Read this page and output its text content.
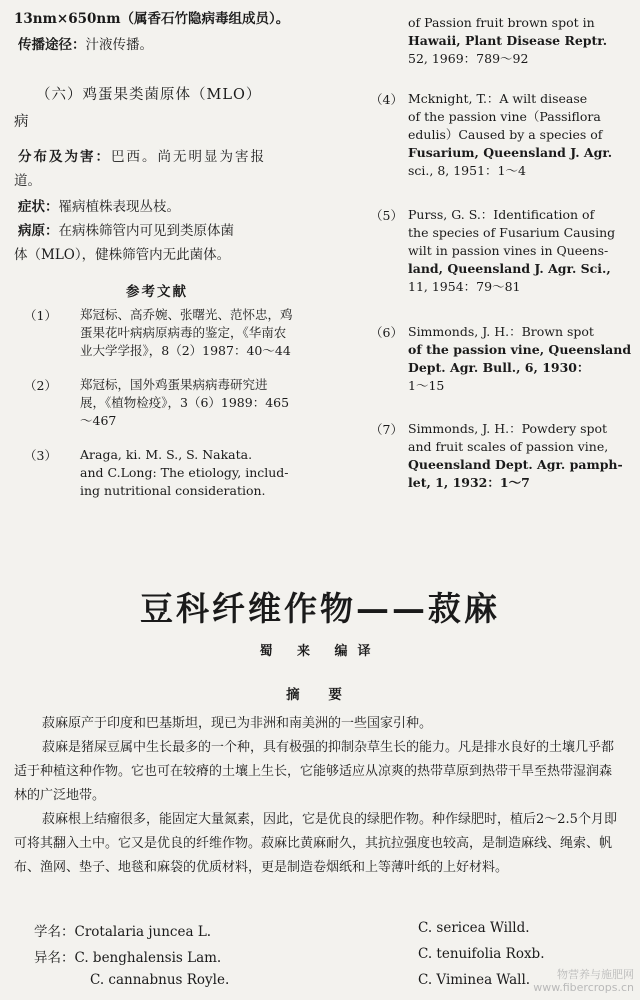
13nm×650nm（属香石竹隐病毒组成员）。
传播途径：汁液传播。
（六）鸡蛋果类菌原体（MLO）
病
分布及为害：巴西。尚无明显为害报
道。
症状：罹病植株表现丛枝。
病原：在病株筛管内可见到类原体菌
体（MLO），健株筛管内无此菌体。
参考文献
（1） 郑冠标、高乔婉、张曙光、范怀忠，鸡
蛋果花叶病病原病毒的鉴定，《华南农
业大学学报》，8（2）1987：40～44
（2） 郑冠标，国外鸡蛋果病病毒研究进
展，《植物检疫》，3（6）1989：465
～467
（3） Araga, ki. M. S., S. Nakata.
and C.Long: The etiology, includ-
ing nutritional consideration.
of Passion fruit brown spot in
Hawaii, Plant Disease Reptr.
52, 1969：789～92
（4） Mcknight, T.：A wilt disease
of the passion vine（Passiflora
edulis）Caused by a species of
Fusarium, Queensland J. Agr.
sci., 8, 1951：1～4
（5） Purss, G. S.：Identification of
the species of Fusarium Causing
wilt in passion vines in Queens-
land, Queensland J. Agr. Sci.,
11, 1954：79～81
（6） Simmonds, J. H.：Brown spot
of the passion vine, Queensland
Dept. Agr. Bull., 6, 1930：
1～15
（7） Simmonds, J. H.：Powdery spot
and fruit scales of passion vine,
Queensland Dept. Agr. pamph-
let, 1, 1932：1～7
豆科纤维作物——菽麻
蜀 来 编译
摘 要
菽麻原产于印度和巴基斯坦，现已为非洲和南美洲的一些国家引种。
菽麻是猪屎豆属中生长最多的一个种，具有极强的抑制杂草生长的能力。凡是排水良好的土壤几乎都适于种植这种作物。它也可在较瘠的土壤上生长，它能够适应从凉爽的热带草原到热带干旱至热带湿润森林的广泛地带。
菽麻根上结瘤很多，能固定大量氮素，因此，它是优良的绿肥作物。种作绿肥时，植后2～2.5个月即可将其翻入土中。它又是优良的纤维作物。菽麻比黄麻耐久，其抗拉强度也较高，是制造麻线、绳索、帆布、渔网、垫子、地毯和麻袋的优质材料，更是制造卷烟纸和上等薄叶纸的上好材料。
学名：Crotalaria juncea L.
异名：C. benghalensis Lam.
C. cannabnus Royle.
C. sericea Willd.
C. tenuifolia Roxb.
C. Viminea Wall.	物营养与施肥网
www.fibercrops.cn
